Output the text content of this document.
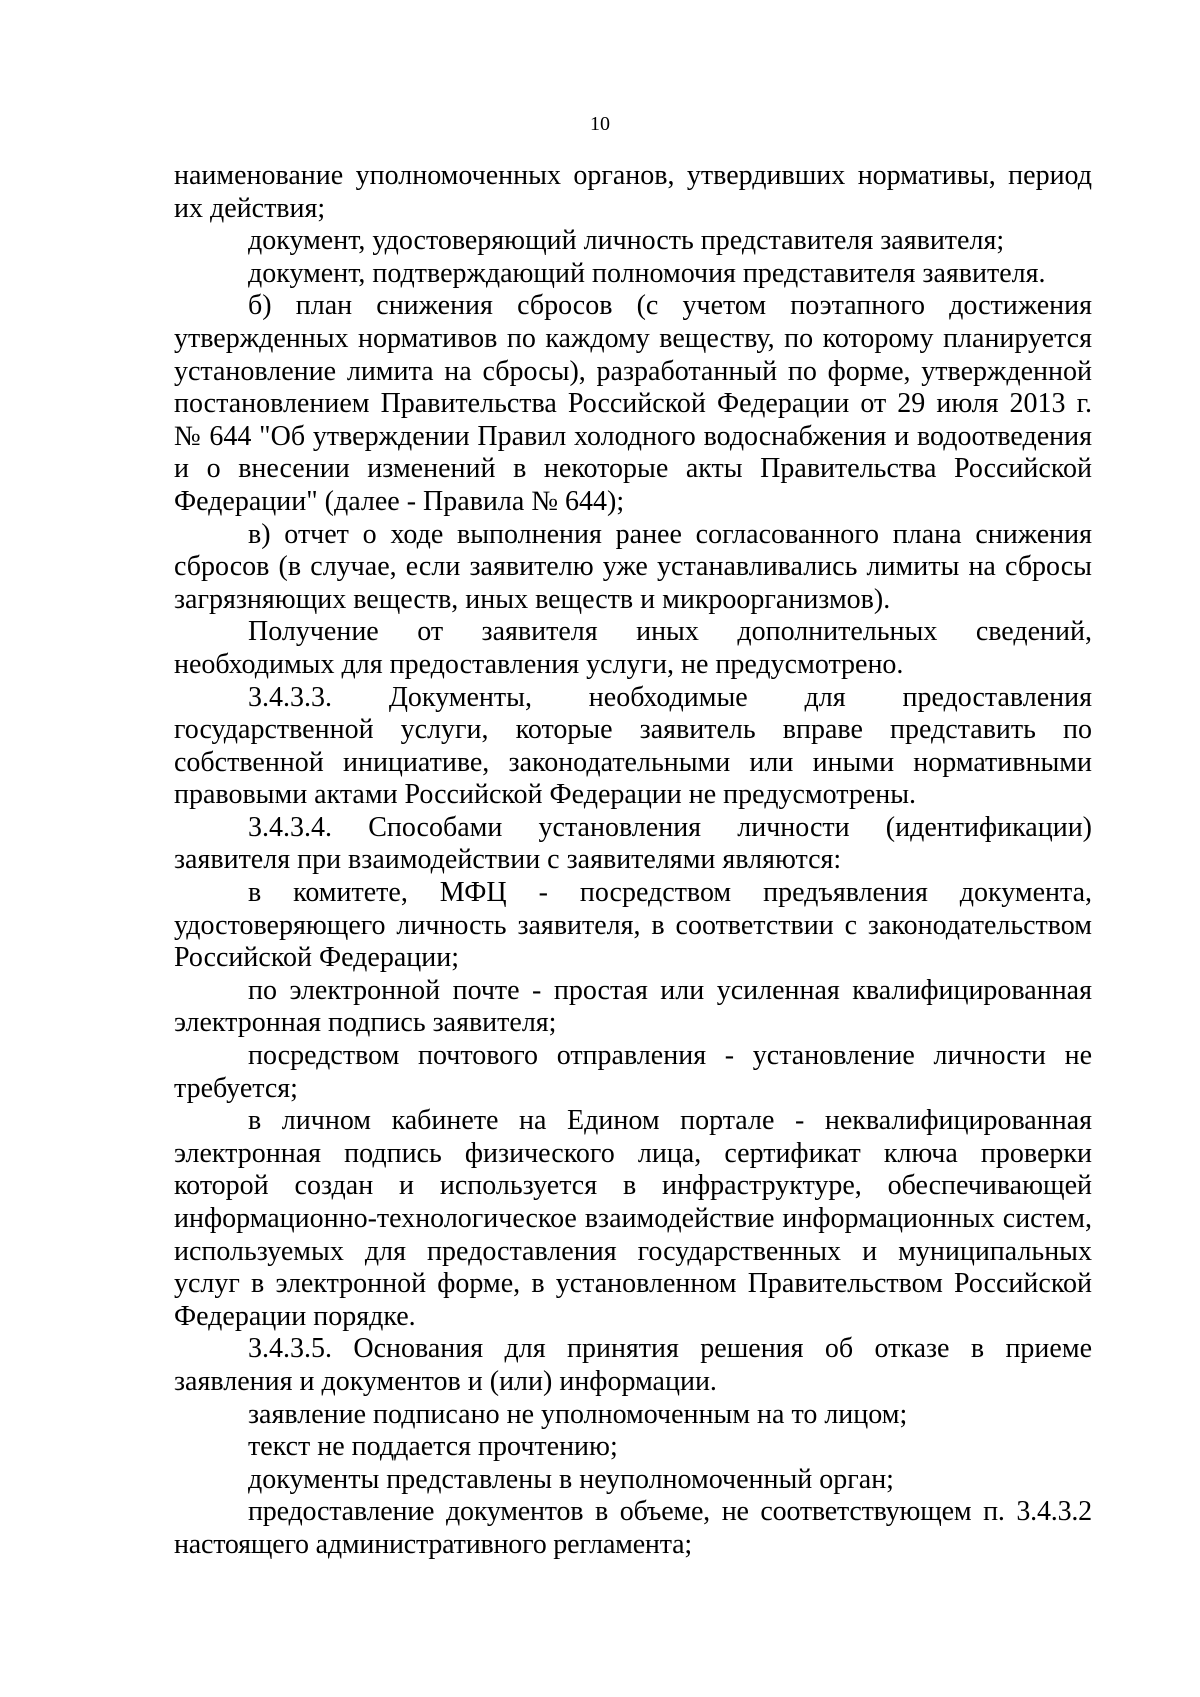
10

наименование уполномоченных органов, утвердивших нормативы, период их действия;

документ, удостоверяющий личность представителя заявителя;

документ, подтверждающий полномочия представителя заявителя.

б) план снижения сбросов (с учетом поэтапного достижения утвержденных нормативов по каждому веществу, по которому планируется установление лимита на сбросы), разработанный по форме, утвержденной постановлением Правительства Российской Федерации от 29 июля 2013 г. № 644 "Об утверждении Правил холодного водоснабжения и водоотведения и о внесении изменений в некоторые акты Правительства Российской Федерации" (далее - Правила № 644);

в) отчет о ходе выполнения ранее согласованного плана снижения сбросов (в случае, если заявителю уже устанавливались лимиты на сбросы загрязняющих веществ, иных веществ и микроорганизмов).

Получение от заявителя иных дополнительных сведений, необходимых для предоставления услуги, не предусмотрено.

3.4.3.3. Документы, необходимые для предоставления государственной услуги, которые заявитель вправе представить по собственной инициативе, законодательными или иными нормативными правовыми актами Российской Федерации не предусмотрены.

3.4.3.4. Способами установления личности (идентификации) заявителя при взаимодействии с заявителями являются:

в комитете, МФЦ - посредством предъявления документа, удостоверяющего личность заявителя, в соответствии с законодательством Российской Федерации;

по электронной почте - простая или усиленная квалифицированная электронная подпись заявителя;

посредством почтового отправления - установление личности не требуется;

в личном кабинете на Едином портале - неквалифицированная электронная подпись физического лица, сертификат ключа проверки которой создан и используется в инфраструктуре, обеспечивающей информационно-технологическое взаимодействие информационных систем, используемых для предоставления государственных и муниципальных услуг в электронной форме, в установленном Правительством Российской Федерации порядке.

3.4.3.5. Основания для принятия решения об отказе в приеме заявления и документов и (или) информации.

заявление подписано не уполномоченным на то лицом;

текст не поддается прочтению;

документы представлены в неуполномоченный орган;

предоставление документов в объеме, не соответствующем п. 3.4.3.2 настоящего административного регламента;
